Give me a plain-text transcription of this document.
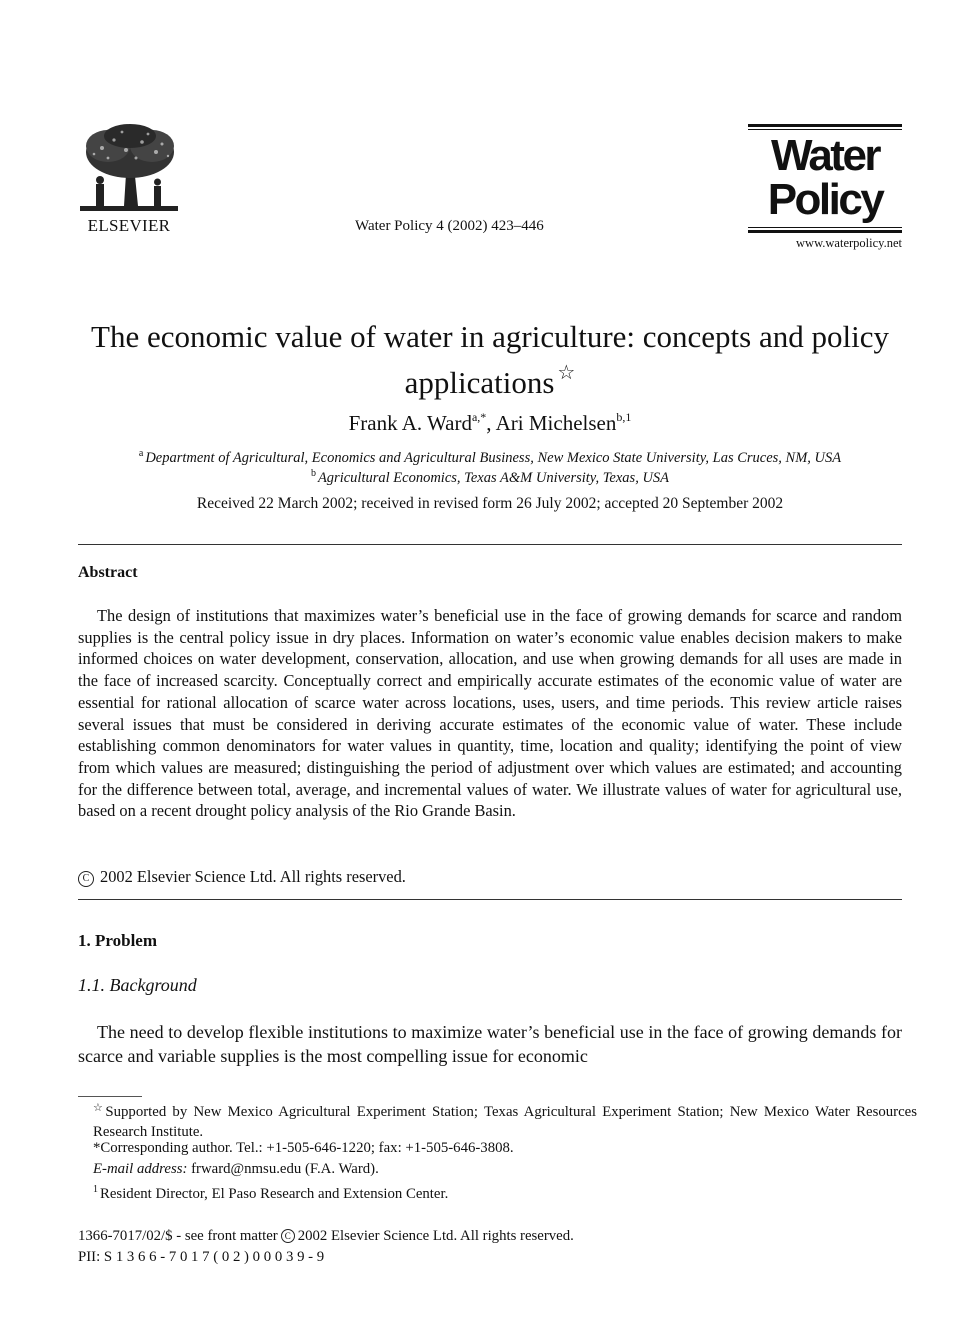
ELSEVIER	Water Policy 4 (2002) 423–446
Water
Policy
www.waterpolicy.net
The economic value of water in agriculture: concepts and policy applications ☆
Frank A. Ward$^{a,*}$, Ari Michelsen$^{b,1}$
$^a$ Department of Agricultural, Economics and Agricultural Business, New Mexico State University, Las Cruces, NM, USA
$^b$ Agricultural Economics, Texas A&M University, Texas, USA
Received 22 March 2002; received in revised form 26 July 2002; accepted 20 September 2002
Abstract

The design of institutions that maximizes water’s beneficial use in the face of growing demands for scarce and random supplies is the central policy issue in dry places. Information on water’s economic value enables decision makers to make informed choices on water development, conservation, allocation, and use when growing demands for all uses are made in the face of increased scarcity. Conceptually correct and empirically accurate estimates of the economic value of water are essential for rational allocation of scarce water across locations, uses, users, and time periods. This review article raises several issues that must be considered in deriving accurate estimates of the economic value of water. These include establishing common denominators for water values in quantity, time, location and quality; identifying the point of view from which values are measured; distinguishing the period of adjustment over which values are estimated; and accounting for the difference between total, average, and incremental values of water. We illustrate values of water for agricultural use, based on a recent drought policy analysis of the Rio Grande Basin.

C 2002 Elsevier Science Ltd. All rights reserved.
1. Problem
1.1. Background

The need to develop flexible institutions to maximize water’s beneficial use in the face of growing demands for scarce and variable supplies is the most compelling issue for economic

☆Supported by New Mexico Agricultural Experiment Station; Texas Agricultural Experiment Station; New Mexico Water Resources Research Institute.
*Corresponding author. Tel.: +1-505-646-1220; fax: +1-505-646-3808.
E-mail address: frward@nmsu.edu (F.A. Ward).
$^1$ Resident Director, El Paso Research and Extension Center.
1366-7017/02/$ - see front matter C 2002 Elsevier Science Ltd. All rights reserved.
PII: S 1 3 6 6 - 7 0 1 7 ( 0 2 ) 0 0 0 3 9 - 9
